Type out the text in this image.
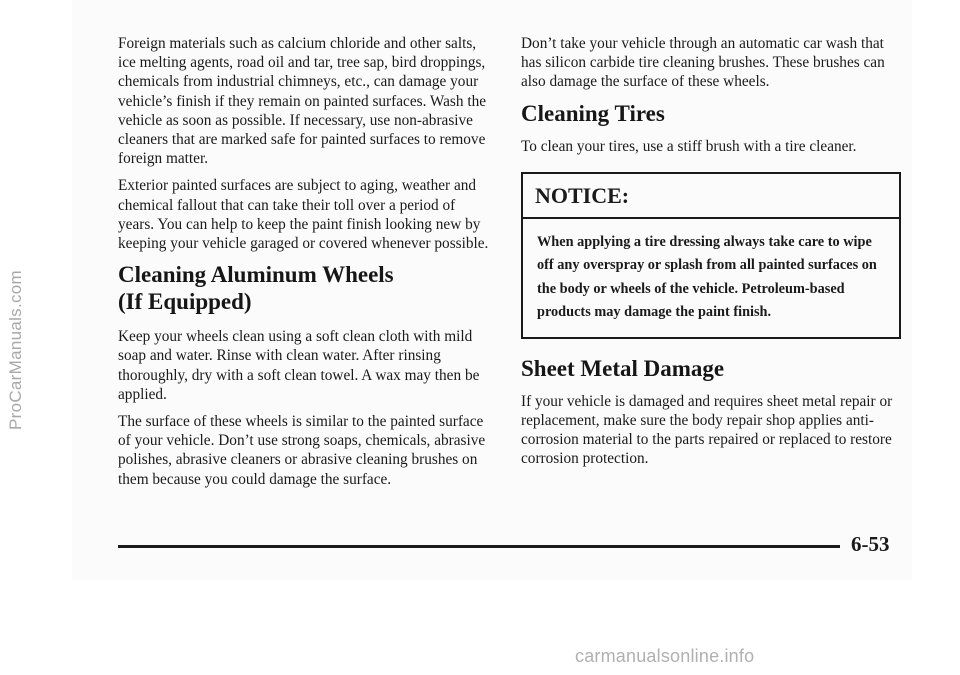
ProCarManuals.com

Foreign materials such as calcium chloride and other salts, ice melting agents, road oil and tar, tree sap, bird droppings, chemicals from industrial chimneys, etc., can damage your vehicle’s finish if they remain on painted surfaces. Wash the vehicle as soon as possible. If necessary, use non-abrasive cleaners that are marked safe for painted surfaces to remove foreign matter.

Exterior painted surfaces are subject to aging, weather and chemical fallout that can take their toll over a period of years. You can help to keep the paint finish looking new by keeping your vehicle garaged or covered whenever possible.

Cleaning Aluminum Wheels
(If Equipped)

Keep your wheels clean using a soft clean cloth with mild soap and water. Rinse with clean water. After rinsing thoroughly, dry with a soft clean towel. A wax may then be applied.

The surface of these wheels is similar to the painted surface of your vehicle. Don’t use strong soaps, chemicals, abrasive polishes, abrasive cleaners or abrasive cleaning brushes on them because you could damage the surface.

Don’t take your vehicle through an automatic car wash that has silicon carbide tire cleaning brushes. These brushes can also damage the surface of these wheels.

Cleaning Tires

To clean your tires, use a stiff brush with a tire cleaner.

NOTICE:
When applying a tire dressing always take care to wipe off any overspray or splash from all painted surfaces on the body or wheels of the vehicle. Petroleum-based products may damage the paint finish.
Sheet Metal Damage

If your vehicle is damaged and requires sheet metal repair or replacement, make sure the body repair shop applies anti-corrosion material to the parts repaired or replaced to restore corrosion protection.

6-53
carmanualsonline.info
